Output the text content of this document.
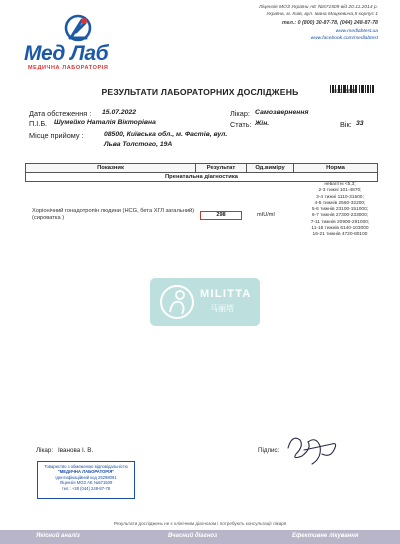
Мед Лаб
МЕДИЧНА ЛАБОРАТОРІЯ
Ліцензія МОЗ України АЕ №571509 від 20.11.2014 р.
Україна, м. Київ, вул. Івана Мацкевича,5 корпус 1
тел.: 0 (800) 30-87-78, (044) 248-87-78
www.medlabtest.ua
www.facebook.com/medlabtest
03328848
РЕЗУЛЬТАТИ ЛАБОРАТОРНИХ ДОСЛІДЖЕНЬ
Дата обстеження : 15.07.2022	Лікар: Самозвернення
П.І.Б. Шумейко Наталія Вікторівна	Стать: Жін.	Вік: 33
Місце прийому :	08500, Київська обл., м. Фастів, вул.
Льва Толстого, 19А
Показник	Результат	Од.виміру	Норма
Пренатальна діагностика
Хоріонічний гонадотропін людини (HCG, бета ХГЛ загальний) (сироватка )	298	mIU/ml
невагітні <5,3;
2-3 тижні 101-4870;
3-4 тижні 1110-31500;
4-5 тижнів 2560-32200;
5-6 тижнів 23100-151000;
6-7 тижнів 27300-233000;
7-11 тижнів 20900-291000;
11-16 тижнів 6140-103000
16-21 тижнів 4720-80100
MILITTA
马丽塔
Лікар: Іванова І. В.	Підпис:
Товариство з обмеженою відповідальністю
"МЕДИЧНА ЛАБОРАТОРІЯ"
Ідентифікаційний код 25298091
Ліцензія МОЗ АЕ №571509
тел.: +38 (044) 248-87-78
Результати досліджень не є клінічним діагнозом і потребують консультації лікаря
Якісний аналіз	Вчасний діагноз	Ефективне лікування
